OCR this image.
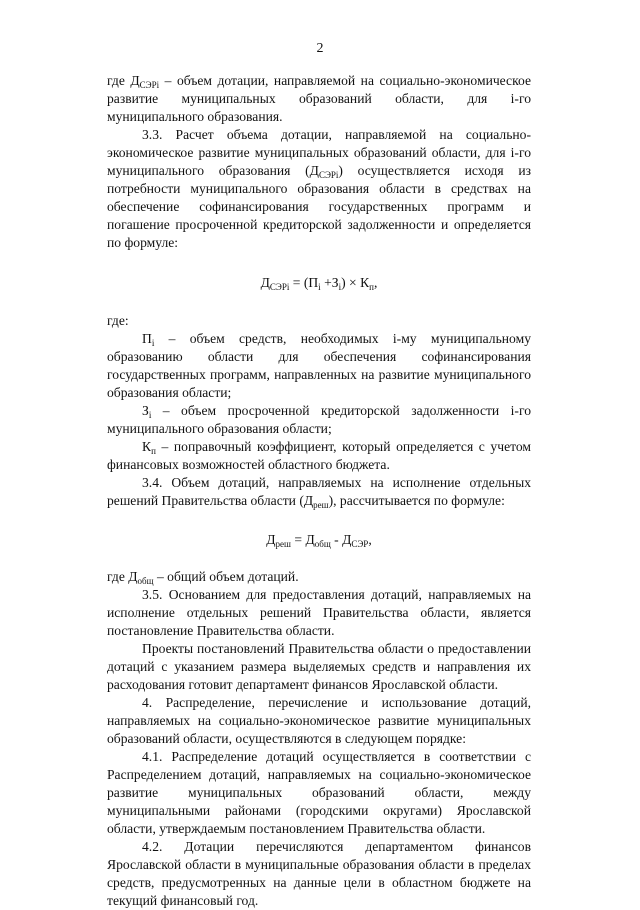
2

где $Д_{СЭРi}$ – объем дотации, направляемой на социально-экономическое развитие муниципальных образований области, для i-го муниципального образования.

3.3. Расчет объема дотации, направляемой на социально-экономическое развитие муниципальных образований области, для i-го муниципального образования $(Д_{СЭРi})$ осуществляется исходя из потребности муниципального образования области в средствах на обеспечение софинансирования государственных программ и погашение просроченной кредиторской задолженности и определяется по формуле:

$Д_{СЭРi} = (П_i +З_i) \times К_п$,

где:

$П_i$ – объем средств, необходимых i-му муниципальному образованию области для обеспечения софинансирования государственных программ, направленных на развитие муниципального образования области;

$З_i$ – объем просроченной кредиторской задолженности i-го муниципального образования области;

$К_п$ – поправочный коэффициент, который определяется с учетом финансовых возможностей областного бюджета.

3.4. Объем дотаций, направляемых на исполнение отдельных решений Правительства области $(Д_{реш})$, рассчитывается по формуле:

$Д_{реш} = Д_{общ} - Д_{СЭР}$,

где $Д_{общ}$ – общий объем дотаций.

3.5. Основанием для предоставления дотаций, направляемых на исполнение отдельных решений Правительства области, является постановление Правительства области.

Проекты постановлений Правительства области о предоставлении дотаций с указанием размера выделяемых средств и направления их расходования готовит департамент финансов Ярославской области.

4. Распределение, перечисление и использование дотаций, направляемых на социально-экономическое развитие муниципальных образований области, осуществляются в следующем порядке:

4.1. Распределение дотаций осуществляется в соответствии с Распределением дотаций, направляемых на социально-экономическое развитие муниципальных образований области, между муниципальными районами (городскими округами) Ярославской области, утверждаемым постановлением Правительства области.

4.2. Дотации перечисляются департаментом финансов Ярославской области в муниципальные образования области в пределах средств, предусмотренных на данные цели в областном бюджете на текущий финансовый год.
